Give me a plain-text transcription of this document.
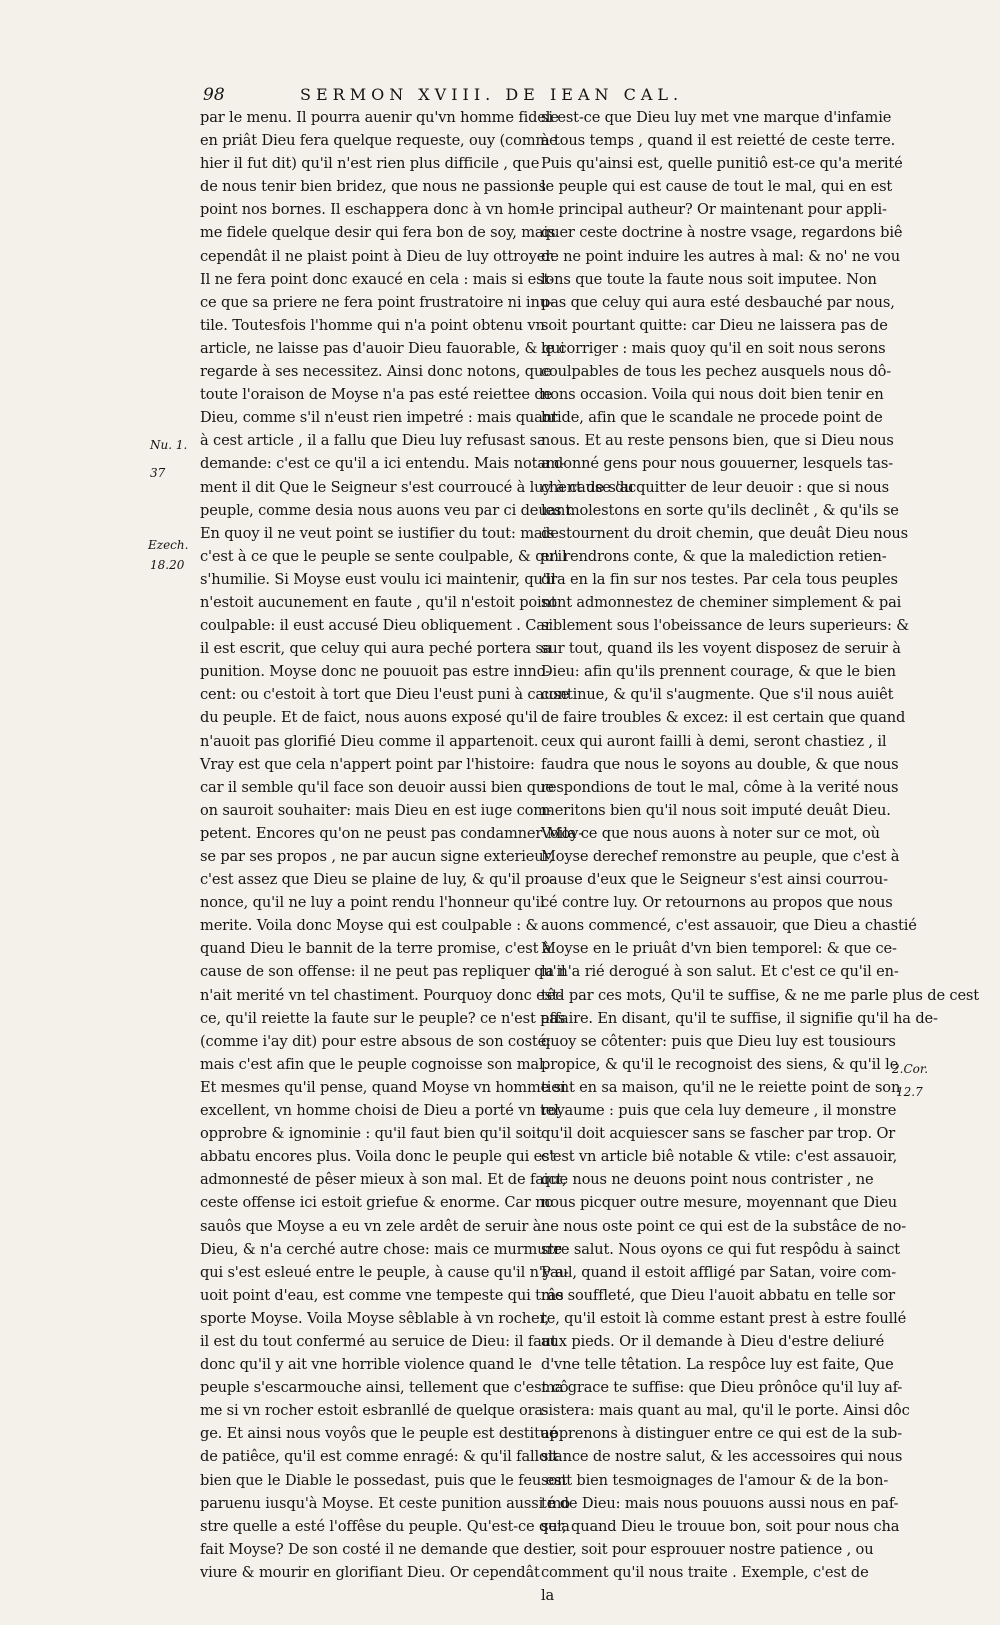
98	SERMON XVIII. DE IEAN CAL.
par le menu. Il pourra auenir qu'vn homme fidele
en priât Dieu fera quelque requeste, ouy (comme
hier il fut dit) qu'il n'est rien plus difficile , que
de nous tenir bien bridez, que nous ne passions
point nos bornes. Il eschappera donc à vn hom-
me fidele quelque desir qui fera bon de soy, mais
cependât il ne plaist point à Dieu de luy ottroyer.
Il ne fera point donc exaucé en cela : mais si est-
ce que sa priere ne fera point frustratoire ni inu-
tile. Toutesfois l'homme qui n'a point obtenu vn
article, ne laisse pas d'auoir Dieu fauorable, & qui
regarde à ses necessitez. Ainsi donc notons, que
toute l'oraison de Moyse n'a pas esté reiettee de
Dieu, comme s'il n'eust rien impetré : mais quant
à cest article , il a fallu que Dieu luy refusast sa
demande: c'est ce qu'il a ici entendu. Mais notam-
ment il dit Que le Seigneur s'est courroucé à luy à cause du
peuple, comme desia nous auons veu par ci deuant.
En quoy il ne veut point se iustifier du tout: mais
c'est à ce que le peuple se sente coulpable, & qu'il
s'humilie. Si Moyse eust voulu ici maintenir, qu'il
n'estoit aucunement en faute , qu'il n'estoit point
coulpable: il eust accusé Dieu obliquement . Car
il est escrit, que celuy qui aura peché portera sa
punition. Moyse donc ne pouuoit pas estre inno-
cent: ou c'estoit à tort que Dieu l'eust puni à cause
du peuple. Et de faict, nous auons exposé qu'il
n'auoit pas glorifié Dieu comme il appartenoit.
Vray est que cela n'appert point par l'histoire:
car il semble qu'il face son deuoir aussi bien que
on sauroit souhaiter: mais Dieu en est iuge com-
petent. Encores qu'on ne peust pas condamner Moy-
se par ses propos , ne par aucun signe exterieur,
c'est assez que Dieu se plaine de luy, & qu'il pro-
nonce, qu'il ne luy a point rendu l'honneur qu'il
merite. Voila donc Moyse qui est coulpable : &
quand Dieu le bannit de la terre promise, c'est à
cause de son offense: il ne peut pas repliquer qu'il
n'ait merité vn tel chastiment. Pourquoy donc est-
ce, qu'il reiette la faute sur le peuple? ce n'est pas
(comme i'ay dit) pour estre absous de son costé:
mais c'est afin que le peuple cognoisse son mal.
Et mesmes qu'il pense, quand Moyse vn homme si
excellent, vn homme choisi de Dieu a porté vn tel
opprobre & ignominie : qu'il faut bien qu'il soit
abbatu encores plus. Voila donc le peuple qui est
admonnesté de pêser mieux à son mal. Et de faict,
ceste offense ici estoit griefue & enorme. Car no
sauôs que Moyse a eu vn zele ardêt de seruir à
Dieu, & n'a cerché autre chose: mais ce murmure
qui s'est esleué entre le peuple, à cause qu'il n'y a-
uoit point d'eau, est comme vne tempeste qui trâs
sporte Moyse. Voila Moyse sêblable à vn rocher,
il est du tout confermé au seruice de Dieu: il faut
donc qu'il y ait vne horrible violence quand le
peuple s'escarmouche ainsi, tellement que c'est cô
me si vn rocher estoit esbranllé de quelque ora-
ge. Et ainsi nous voyôs que le peuple est destitué
de patiêce, qu'il est comme enragé: & qu'il falloit
bien que le Diable le possedast, puis que le feu est
paruenu iusqu'à Moyse. Et ceste punition aussi mo
stre quelle a esté l'offêse du peuple. Qu'est-ce qu'a
fait Moyse? De son costé il ne demande que de
viure & mourir en glorifiant Dieu. Or cependât
si est-ce que Dieu luy met vne marque d'infamie
à tous temps , quand il est reietté de ceste terre.
Puis qu'ainsi est, quelle punitiô est-ce qu'a merité
le peuple qui est cause de tout le mal, qui en est
le principal autheur? Or maintenant pour appli-
quer ceste doctrine à nostre vsage, regardons biê
de ne point induire les autres à mal: & no' ne vou
lons que toute la faute nous soit imputee. Non
pas que celuy qui aura esté desbauché par nous,
soit pourtant quitte: car Dieu ne laissera pas de
le corriger : mais quoy qu'il en soit nous serons
coulpables de tous les pechez ausquels nous dô-
nons occasion. Voila qui nous doit bien tenir en
bride, afin que le scandale ne procede point de
nous. Et au reste pensons bien, que si Dieu nous
a donné gens pour nous gouuerner, lesquels tas-
chent de s'acquitter de leur deuoir : que si nous
les molestons en sorte qu'ils declinêt , & qu'ils se
destournent du droit chemin, que deuât Dieu nous
en rendrons conte, & que la malediction retien-
dra en la fin sur nos testes. Par cela tous peuples
sont admonnestez de cheminer simplement & pai
siblement sous l'obeissance de leurs superieurs: &
sur tout, quand ils les voyent disposez de seruir à
Dieu: afin qu'ils prennent courage, & que le bien
continue, & qu'il s'augmente. Que s'il nous auiêt
de faire troubles & excez: il est certain que quand
ceux qui auront failli à demi, seront chastiez , il
faudra que nous le soyons au double, & que nous
respondions de tout le mal, côme à la verité nous
meritons bien qu'il nous soit imputé deuât Dieu.
Voila ce que nous auons à noter sur ce mot, où
Moyse derechef remonstre au peuple, que c'est à
cause d'eux que le Seigneur s'est ainsi courrou-
cé contre luy. Or retournons au propos que nous
auons commencé, c'est assauoir, que Dieu a chastié
Moyse en le priuât d'vn bien temporel: & que ce-
la n'a rié derogué à son salut. Et c'est ce qu'il en-
têd par ces mots, Qu'il te suffise, & ne me parle plus de cest
affaire. En disant, qu'il te suffise, il signifie qu'il ha de-
quoy se côtenter: puis que Dieu luy est tousiours
propice, & qu'il le recognoist des siens, & qu'il le
tient en sa maison, qu'il ne le reiette point de son
royaume : puis que cela luy demeure , il monstre
qu'il doit acquiescer sans se fascher par trop. Or
c'est vn article biê notable & vtile: c'est assauoir,
que nous ne deuons point nous contrister , ne
nous picquer outre mesure, moyennant que Dieu
ne nous oste point ce qui est de la substâce de no-
stre salut. Nous oyons ce qui fut respôdu à sainct
Paul, quand il estoit affligé par Satan, voire com-
me souffleté, que Dieu l'auoit abbatu en telle sor
te, qu'il estoit là comme estant prest à estre foullé
aux pieds. Or il demande à Dieu d'estre deliuré
d'vne telle têtation. La respôce luy est faite, Que
ma grace te suffise: que Dieu prônôce qu'il luy af-
sistera: mais quant au mal, qu'il le porte. Ainsi dôc
apprenons à distinguer entre ce qui est de la sub-
stance de nostre salut, & les accessoires qui nous
sont bien tesmoignages de l'amour & de la bon-
té de Dieu: mais nous pouuons aussi nous en paf-
ser, quand Dieu le trouue bon, soit pour nous cha
stier, soit pour esprouuer nostre patience , ou
comment qu'il nous traite . Exemple, c'est de
la
Nu. 1.
37
Ezech.
18.20
2.Cor.
12.7
